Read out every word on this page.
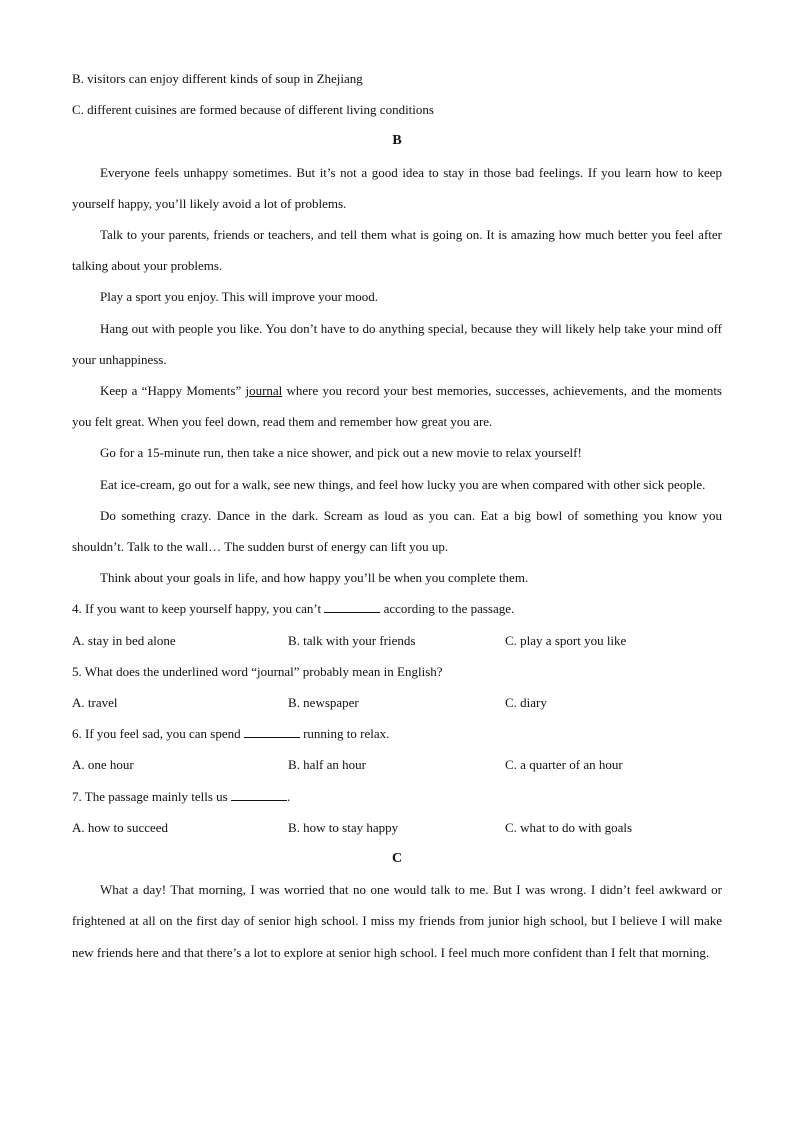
B. visitors can enjoy different kinds of soup in Zhejiang

C. different cuisines are formed because of different living conditions

B

Everyone feels unhappy sometimes. But it’s not a good idea to stay in those bad feelings. If you learn how to keep yourself happy, you’ll likely avoid a lot of problems.

Talk to your parents, friends or teachers, and tell them what is going on. It is amazing how much better you feel after talking about your problems.

Play a sport you enjoy. This will improve your mood.

Hang out with people you like. You don’t have to do anything special, because they will likely help take your mind off your unhappiness.

Keep a “Happy Moments” journal where you record your best memories, successes, achievements, and the moments you felt great. When you feel down, read them and remember how great you are.

Go for a 15-minute run, then take a nice shower, and pick out a new movie to relax yourself!

Eat ice-cream, go out for a walk, see new things, and feel how lucky you are when compared with other sick people.

Do something crazy. Dance in the dark. Scream as loud as you can. Eat a big bowl of something you know you shouldn’t. Talk to the wall… The sudden burst of energy can lift you up.

Think about your goals in life, and how happy you’ll be when you complete them.

4. If you want to keep yourself happy, you can’t	according to the passage.

A. stay in bed alone	B. talk with your friends	C. play a sport you like

5. What does the underlined word “journal” probably mean in English?

A. travel	B. newspaper	C. diary

6. If you feel sad, you can spend	running to relax.

A. one hour	B. half an hour	C. a quarter of an hour

7. The passage mainly tells us	.

A. how to succeed	B. how to stay happy	C. what to do with goals

C

What a day! That morning, I was worried that no one would talk to me. But I was wrong. I didn’t feel awkward or frightened at all on the first day of senior high school. I miss my friends from junior high school, but I believe I will make new friends here and that there’s a lot to explore at senior high school. I feel much more confident than I felt that morning.
